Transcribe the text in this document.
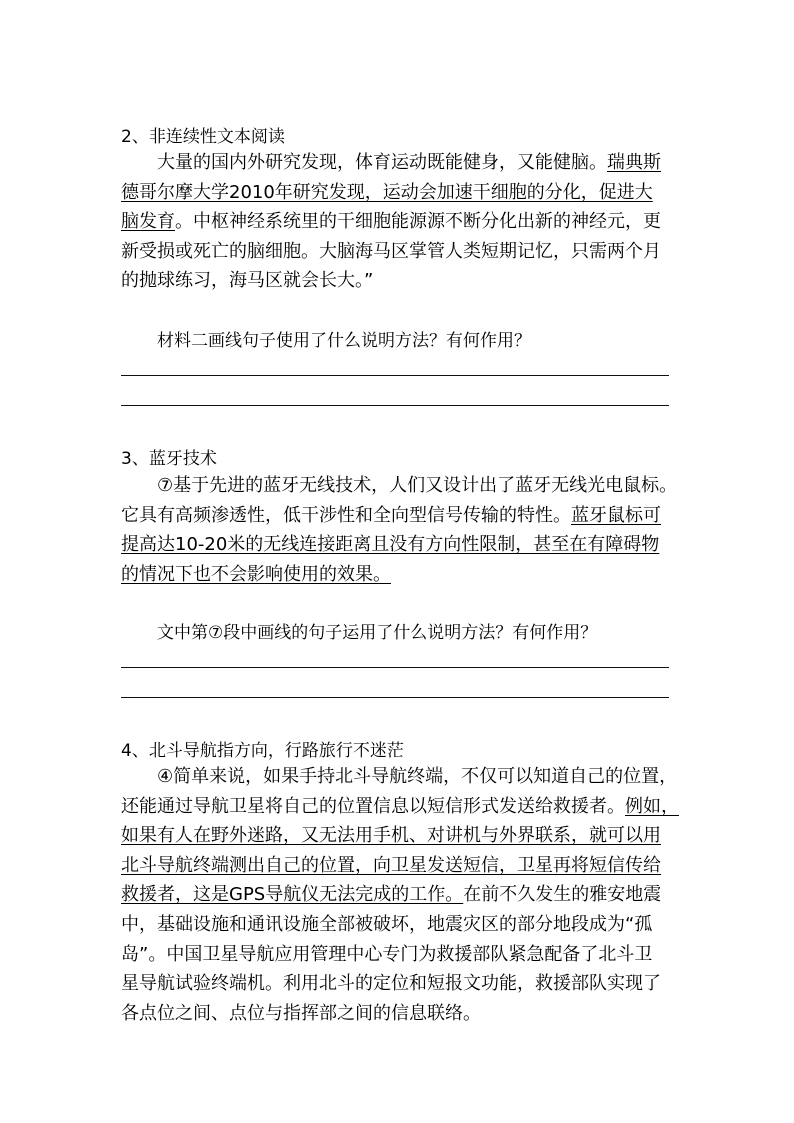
2、非连续性文本阅读
大量的国内外研究发现，体育运动既能健身，又能健脑。瑞典斯
德哥尔摩大学2010年研究发现，运动会加速干细胞的分化，促进大
脑发育。中枢神经系统里的干细胞能源源不断分化出新的神经元，更
新受损或死亡的脑细胞。大脑海马区掌管人类短期记忆，只需两个月
的抛球练习，海马区就会长大。”
材料二画线句子使用了什么说明方法？有何作用？
3、蓝牙技术
⑦基于先进的蓝牙无线技术，人们又设计出了蓝牙无线光电鼠标。
它具有高频渗透性，低干涉性和全向型信号传输的特性。蓝牙鼠标可
提高达10-20米的无线连接距离且没有方向性限制，甚至在有障碍物
的情况下也不会影响使用的效果。
文中第⑦段中画线的句子运用了什么说明方法？有何作用？
4、北斗导航指方向，行路旅行不迷茫
④简单来说，如果手持北斗导航终端，不仅可以知道自己的位置，
还能通过导航卫星将自己的位置信息以短信形式发送给救援者。例如，
如果有人在野外迷路，又无法用手机、对讲机与外界联系，就可以用
北斗导航终端测出自己的位置，向卫星发送短信，卫星再将短信传给
救援者，这是GPS导航仪无法完成的工作。在前不久发生的雅安地震
中，基础设施和通讯设施全部被破坏，地震灾区的部分地段成为“孤
岛”。中国卫星导航应用管理中心专门为救援部队紧急配备了北斗卫
星导航试验终端机。利用北斗的定位和短报文功能，救援部队实现了
各点位之间、点位与指挥部之间的信息联络。
